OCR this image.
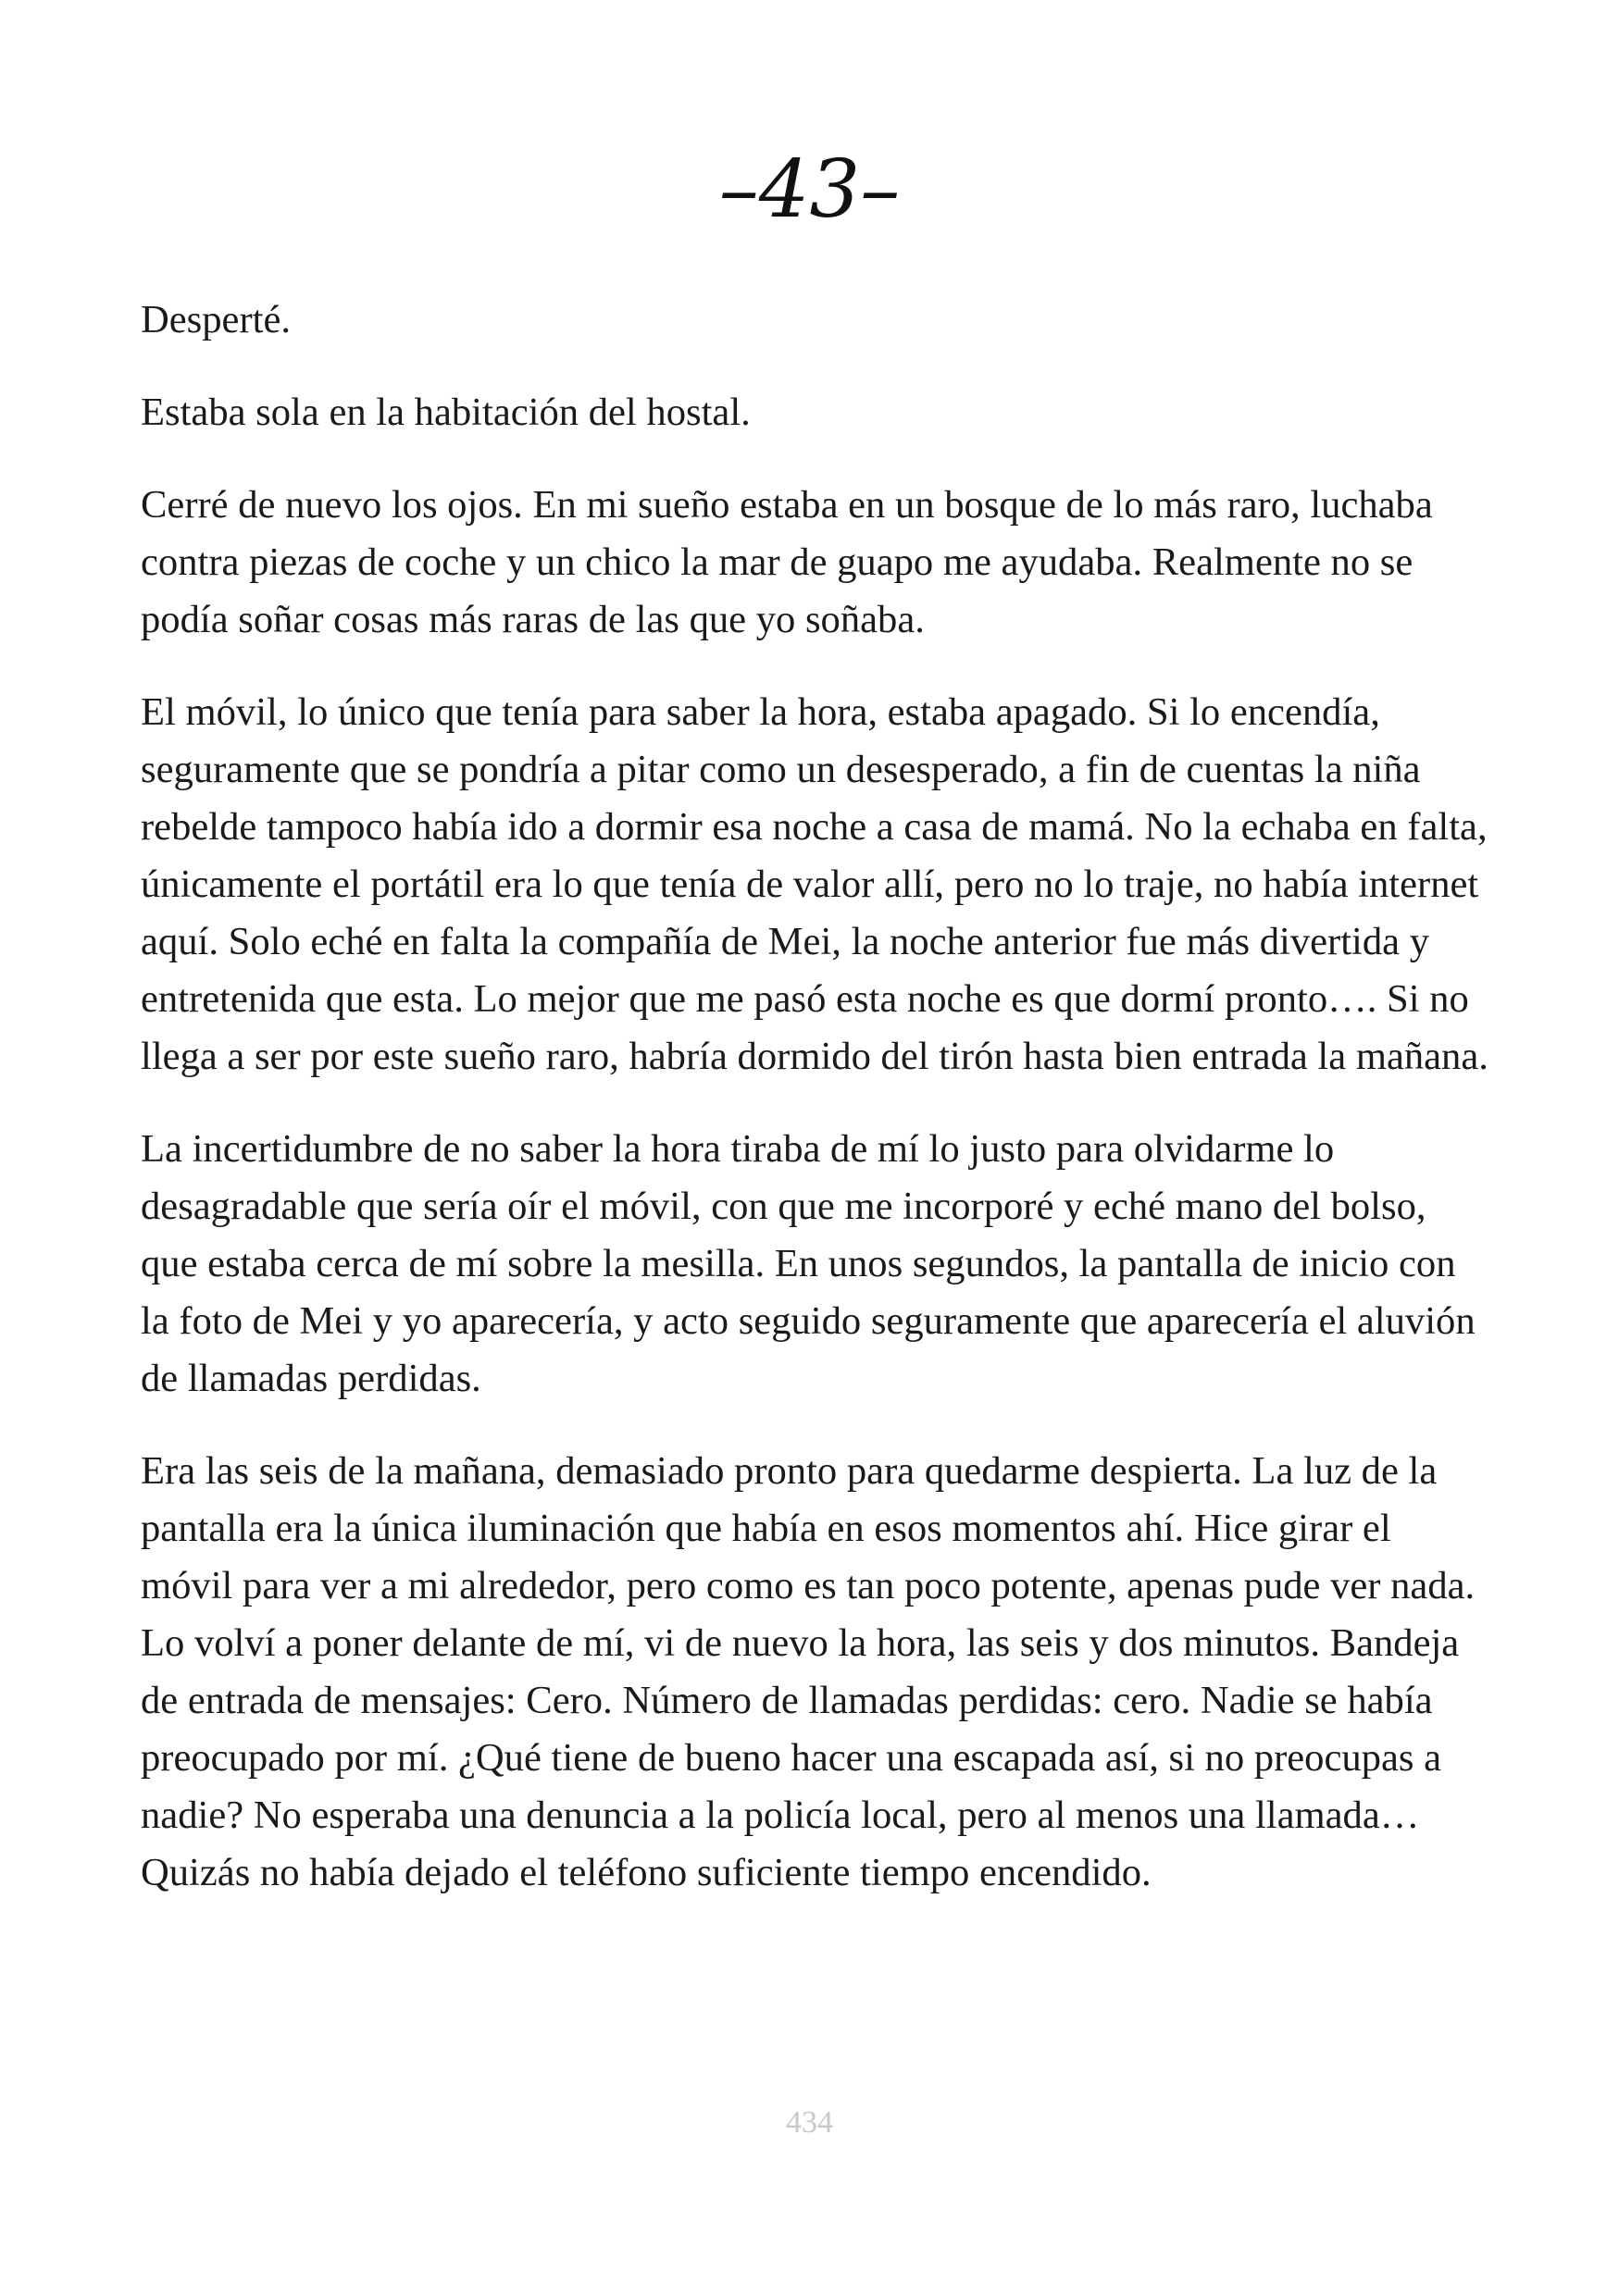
–43–

Desperté.

Estaba sola en la habitación del hostal.

Cerré de nuevo los ojos. En mi sueño estaba en un bosque de lo más raro, luchaba contra piezas de coche y un chico la mar de guapo me ayudaba. Realmente no se podía soñar cosas más raras de las que yo soñaba.

El móvil, lo único que tenía para saber la hora, estaba apagado. Si lo encendía, seguramente que se pondría a pitar como un desesperado, a fin de cuentas la niña rebelde tampoco había ido a dormir esa noche a casa de mamá. No la echaba en falta, únicamente el portátil era lo que tenía de valor allí, pero no lo traje, no había internet aquí. Solo eché en falta la compañía de Mei, la noche anterior fue más divertida y entretenida que esta. Lo mejor que me pasó esta noche es que dormí pronto…. Si no llega a ser por este sueño raro, habría dormido del tirón hasta bien entrada la mañana.

La incertidumbre de no saber la hora tiraba de mí lo justo para olvidarme lo desagradable que sería oír el móvil, con que me incorporé y eché mano del bolso, que estaba cerca de mí sobre la mesilla. En unos segundos, la pantalla de inicio con la foto de Mei y yo aparecería, y acto seguido seguramente que aparecería el aluvión de llamadas perdidas.

Era las seis de la mañana, demasiado pronto para quedarme despierta. La luz de la pantalla era la única iluminación que había en esos momentos ahí. Hice girar el móvil para ver a mi alrededor, pero como es tan poco potente, apenas pude ver nada. Lo volví a poner delante de mí, vi de nuevo la hora, las seis y dos minutos. Bandeja de entrada de mensajes: Cero. Número de llamadas perdidas: cero. Nadie se había preocupado por mí. ¿Qué tiene de bueno hacer una escapada así, si no preocupas a nadie? No esperaba una denuncia a la policía local, pero al menos una llamada… Quizás no había dejado el teléfono suficiente tiempo encendido.

434
